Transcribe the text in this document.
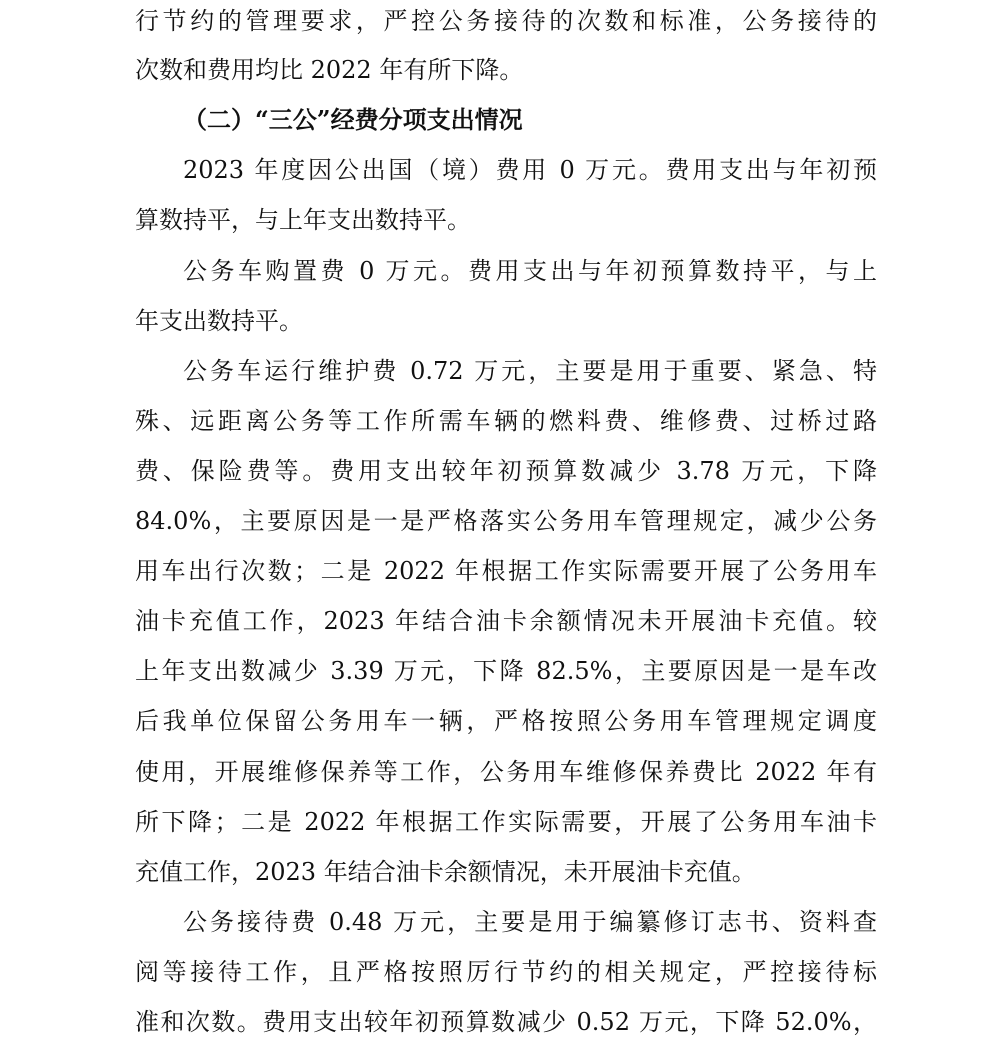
行节约的管理要求，严控公务接待的次数和标准，公务接待的
次数和费用均比 2022 年有所下降。
（二）“三公”经费分项支出情况
2023 年度因公出国（境）费用 0 万元。费用支出与年初预
算数持平，与上年支出数持平。
公务车购置费 0 万元。费用支出与年初预算数持平，与上
年支出数持平。
公务车运行维护费 0.72 万元，主要是用于重要、紧急、特
殊、远距离公务等工作所需车辆的燃料费、维修费、过桥过路
费、保险费等。费用支出较年初预算数减少 3.78 万元，下降
84.0%，主要原因是一是严格落实公务用车管理规定，减少公务
用车出行次数；二是 2022 年根据工作实际需要开展了公务用车
油卡充值工作，2023 年结合油卡余额情况未开展油卡充值。较
上年支出数减少 3.39 万元，下降 82.5%，主要原因是一是车改
后我单位保留公务用车一辆，严格按照公务用车管理规定调度
使用，开展维修保养等工作，公务用车维修保养费比 2022 年有
所下降；二是 2022 年根据工作实际需要，开展了公务用车油卡
充值工作，2023 年结合油卡余额情况，未开展油卡充值。
公务接待费 0.48 万元，主要是用于编纂修订志书、资料查
阅等接待工作，且严格按照厉行节约的相关规定，严控接待标
准和次数。费用支出较年初预算数减少 0.52 万元，下降 52.0%，
